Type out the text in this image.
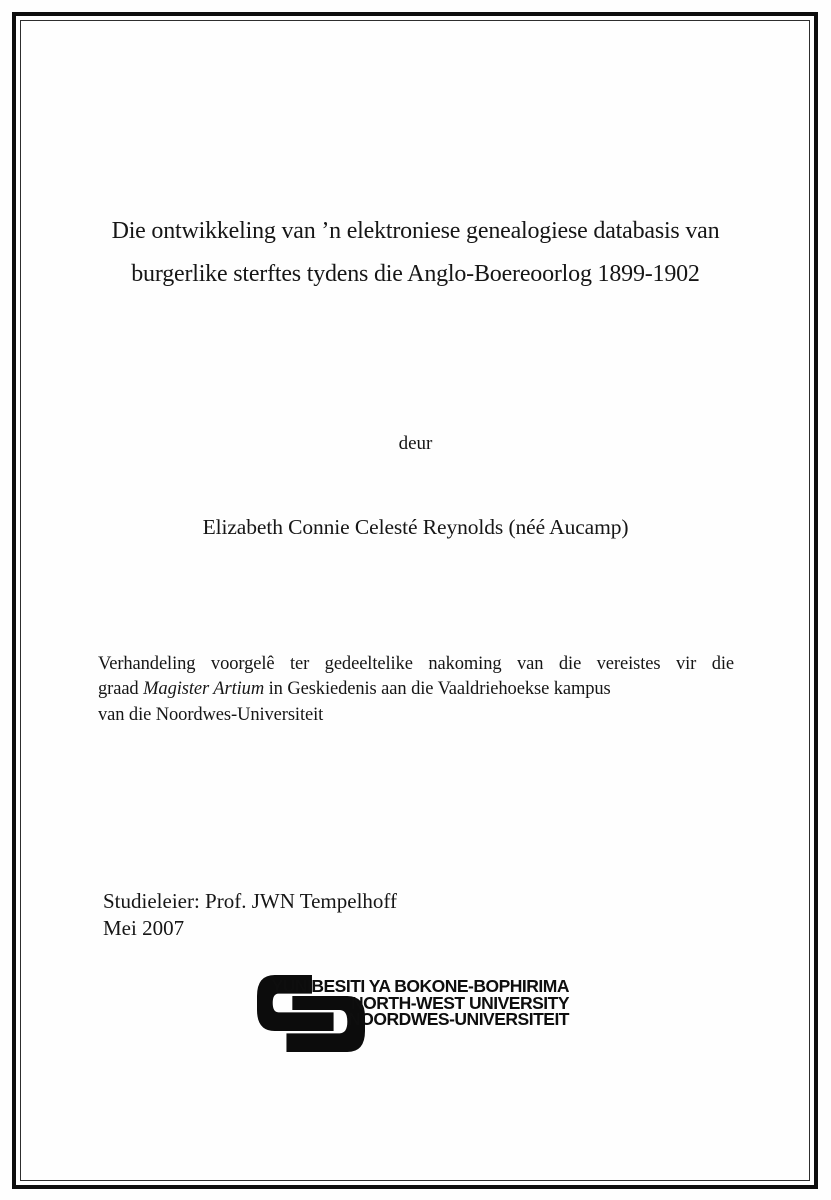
Die ontwikkeling van ’n elektroniese genealogiese databasis van
burgerlike sterftes tydens die Anglo-Boereoorlog 1899-1902
deur
Elizabeth Connie Celesté Reynolds (néé Aucamp)
Verhandeling voorgelê ter gedeeltelike nakoming van die vereistes vir die
graad Magister Artium in Geskiedenis aan die Vaaldriehoekse kampus
van die Noordwes-Universiteit
Studieleier: Prof. JWN Tempelhoff
Mei 2007
YUNIBESITI YA BOKONE-BOPHIRIMA
NORTH-WEST UNIVERSITY
NOORDWES-UNIVERSITEIT
